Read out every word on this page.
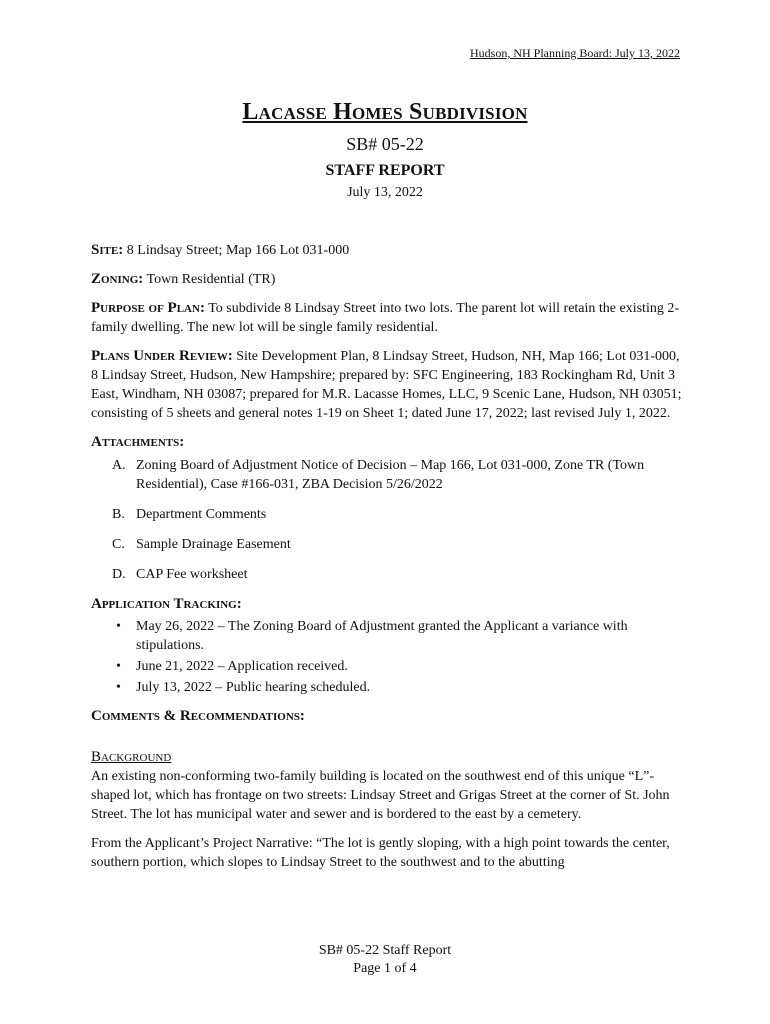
Hudson, NH Planning Board: July 13, 2022
Lacasse Homes Subdivision
SB# 05-22
STAFF REPORT
July 13, 2022

Site: 8 Lindsay Street; Map 166 Lot 031-000

Zoning: Town Residential (TR)

Purpose of Plan: To subdivide 8 Lindsay Street into two lots. The parent lot will retain the existing 2-family dwelling. The new lot will be single family residential.

Plans Under Review: Site Development Plan, 8 Lindsay Street, Hudson, NH, Map 166; Lot 031-000, 8 Lindsay Street, Hudson, New Hampshire; prepared by: SFC Engineering, 183 Rockingham Rd, Unit 3 East, Windham, NH 03087; prepared for M.R. Lacasse Homes, LLC, 9 Scenic Lane, Hudson, NH 03051; consisting of 5 sheets and general notes 1-19 on Sheet 1; dated June 17, 2022; last revised July 1, 2022.

Attachments:
A. Zoning Board of Adjustment Notice of Decision – Map 166, Lot 031-000, Zone TR (Town Residential), Case #166-031, ZBA Decision 5/26/2022
B. Department Comments
C. Sample Drainage Easement
D. CAP Fee worksheet
Application Tracking:
• May 26, 2022 – The Zoning Board of Adjustment granted the Applicant a variance with stipulations.
• June 21, 2022 – Application received.
• July 13, 2022 – Public hearing scheduled.
Comments & Recommendations:
Background

An existing non-conforming two-family building is located on the southwest end of this unique “L”-shaped lot, which has frontage on two streets: Lindsay Street and Grigas Street at the corner of St. John Street. The lot has municipal water and sewer and is bordered to the east by a cemetery.

From the Applicant’s Project Narrative: “The lot is gently sloping, with a high point towards the center, southern portion, which slopes to Lindsay Street to the southwest and to the abutting

SB# 05-22 Staff Report
Page 1 of 4
